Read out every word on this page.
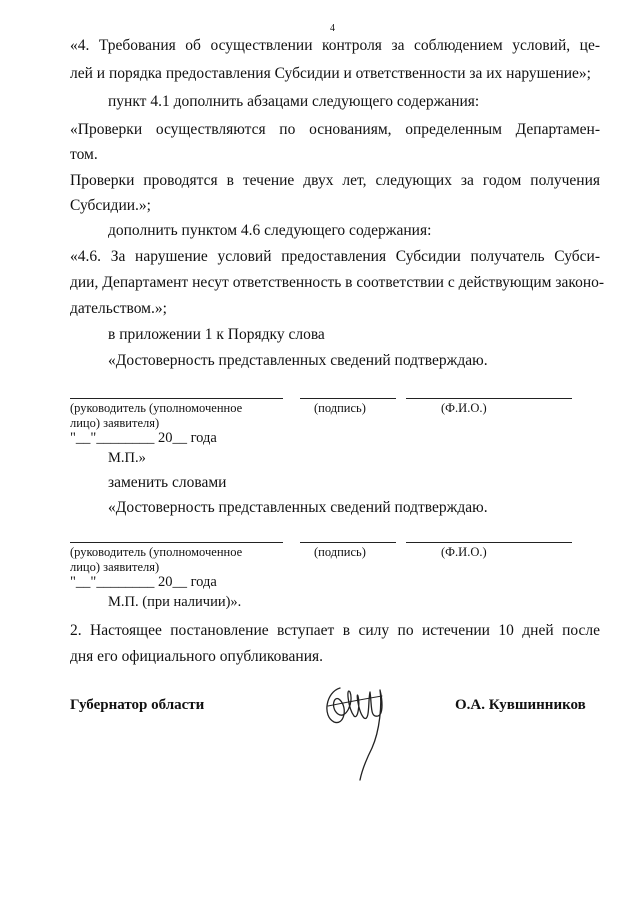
4
«4. Требования об осуществлении контроля за соблюдением условий, це-
лей и порядка предоставления Субсидии и ответственности за их нарушение»;
пункт 4.1 дополнить абзацами следующего содержания:
«Проверки осуществляются по основаниям, определенным Департамен-
том.
Проверки проводятся в течение двух лет, следующих за годом получения
Субсидии.»;
дополнить пунктом 4.6 следующего содержания:
«4.6. За нарушение условий предоставления Субсидии получатель Субси-
дии, Департамент несут ответственность в соответствии с действующим законо-
дательством.»;
в приложении 1 к Порядку слова
«Достоверность представленных сведений подтверждаю.
(руководитель (уполномоченное
лицо) заявителя)
(подпись)	(Ф.И.О.)
"__"________ 20__ года
М.П.»
заменить словами
«Достоверность представленных сведений подтверждаю.
(руководитель (уполномоченное
лицо) заявителя)
(подпись)	(Ф.И.О.)
"__"________ 20__ года
М.П. (при наличии)».
2. Настоящее постановление вступает в силу по истечении 10 дней после
дня его официального опубликования.
Губернатор области	О.А. Кувшинников
